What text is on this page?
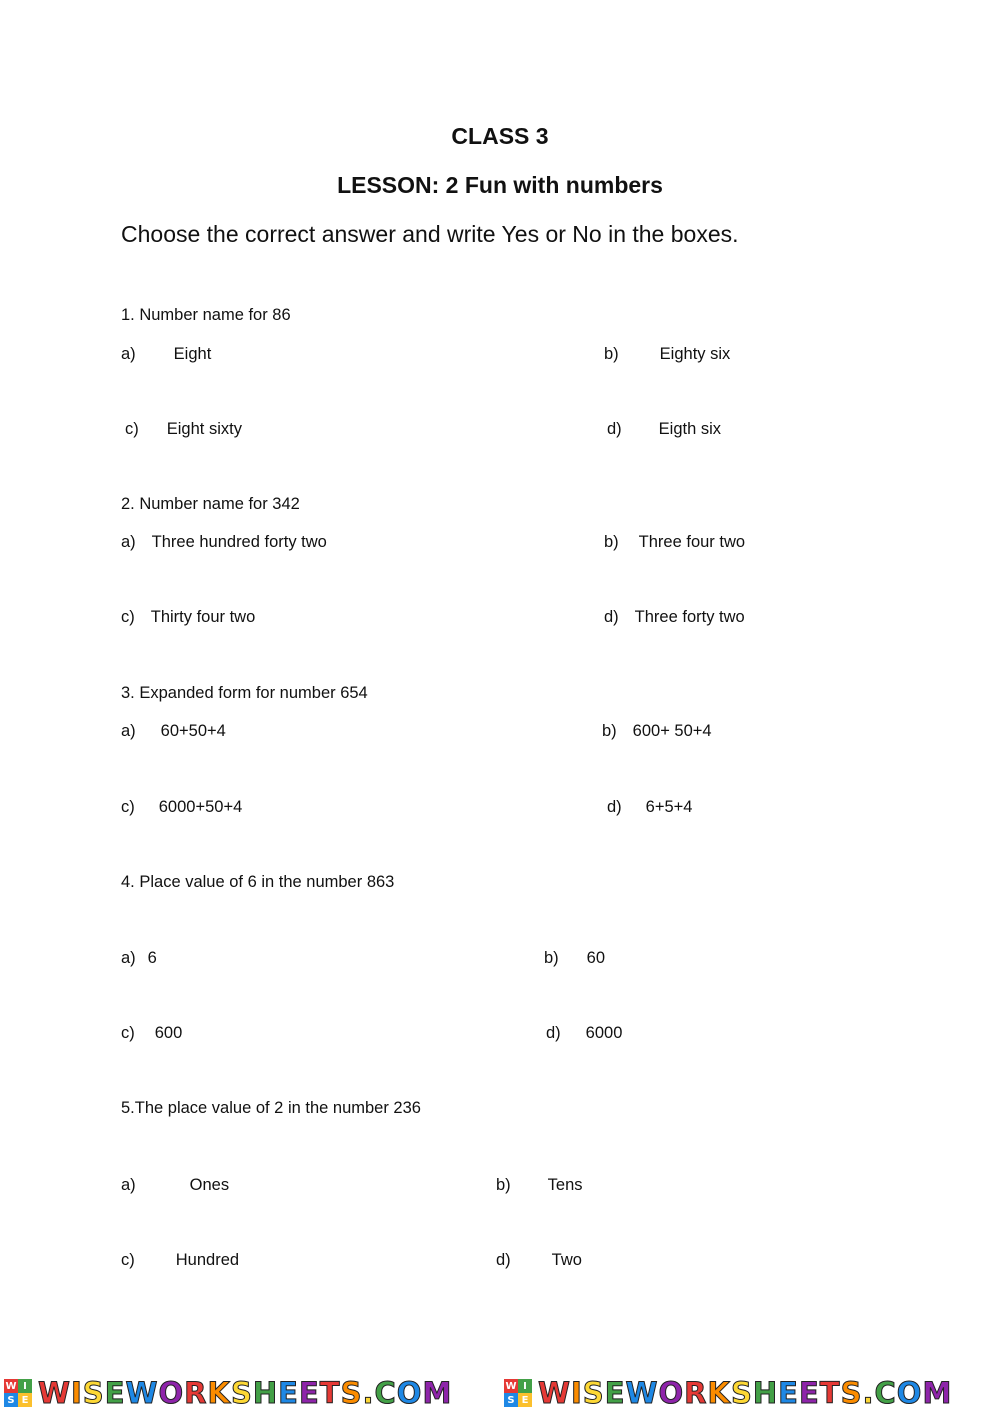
CLASS 3
LESSON: 2 Fun with numbers
Choose the correct answer and write Yes or No in the boxes.
1. Number name for 86
a) Eight	b) Eighty six
c) Eight sixty	d) Eigth six
2. Number name for 342
a) Three hundred forty two	b) Three four two
c) Thirty four two	d) Three forty two
3. Expanded form for number 654
a) 60+50+4	b) 600+ 50+4
c) 6000+50+4	d) 6+5+4
4. Place value of 6 in the number 863
a) 6	b) 60
c) 600	d) 6000
5.The place value of 2 in the number 236
a)	Ones	b) Tens
c) Hundred	d) Two
W I
S E WISEWORKSHEETS.COM	W I
S E WISEWORKSHEETS.COM
